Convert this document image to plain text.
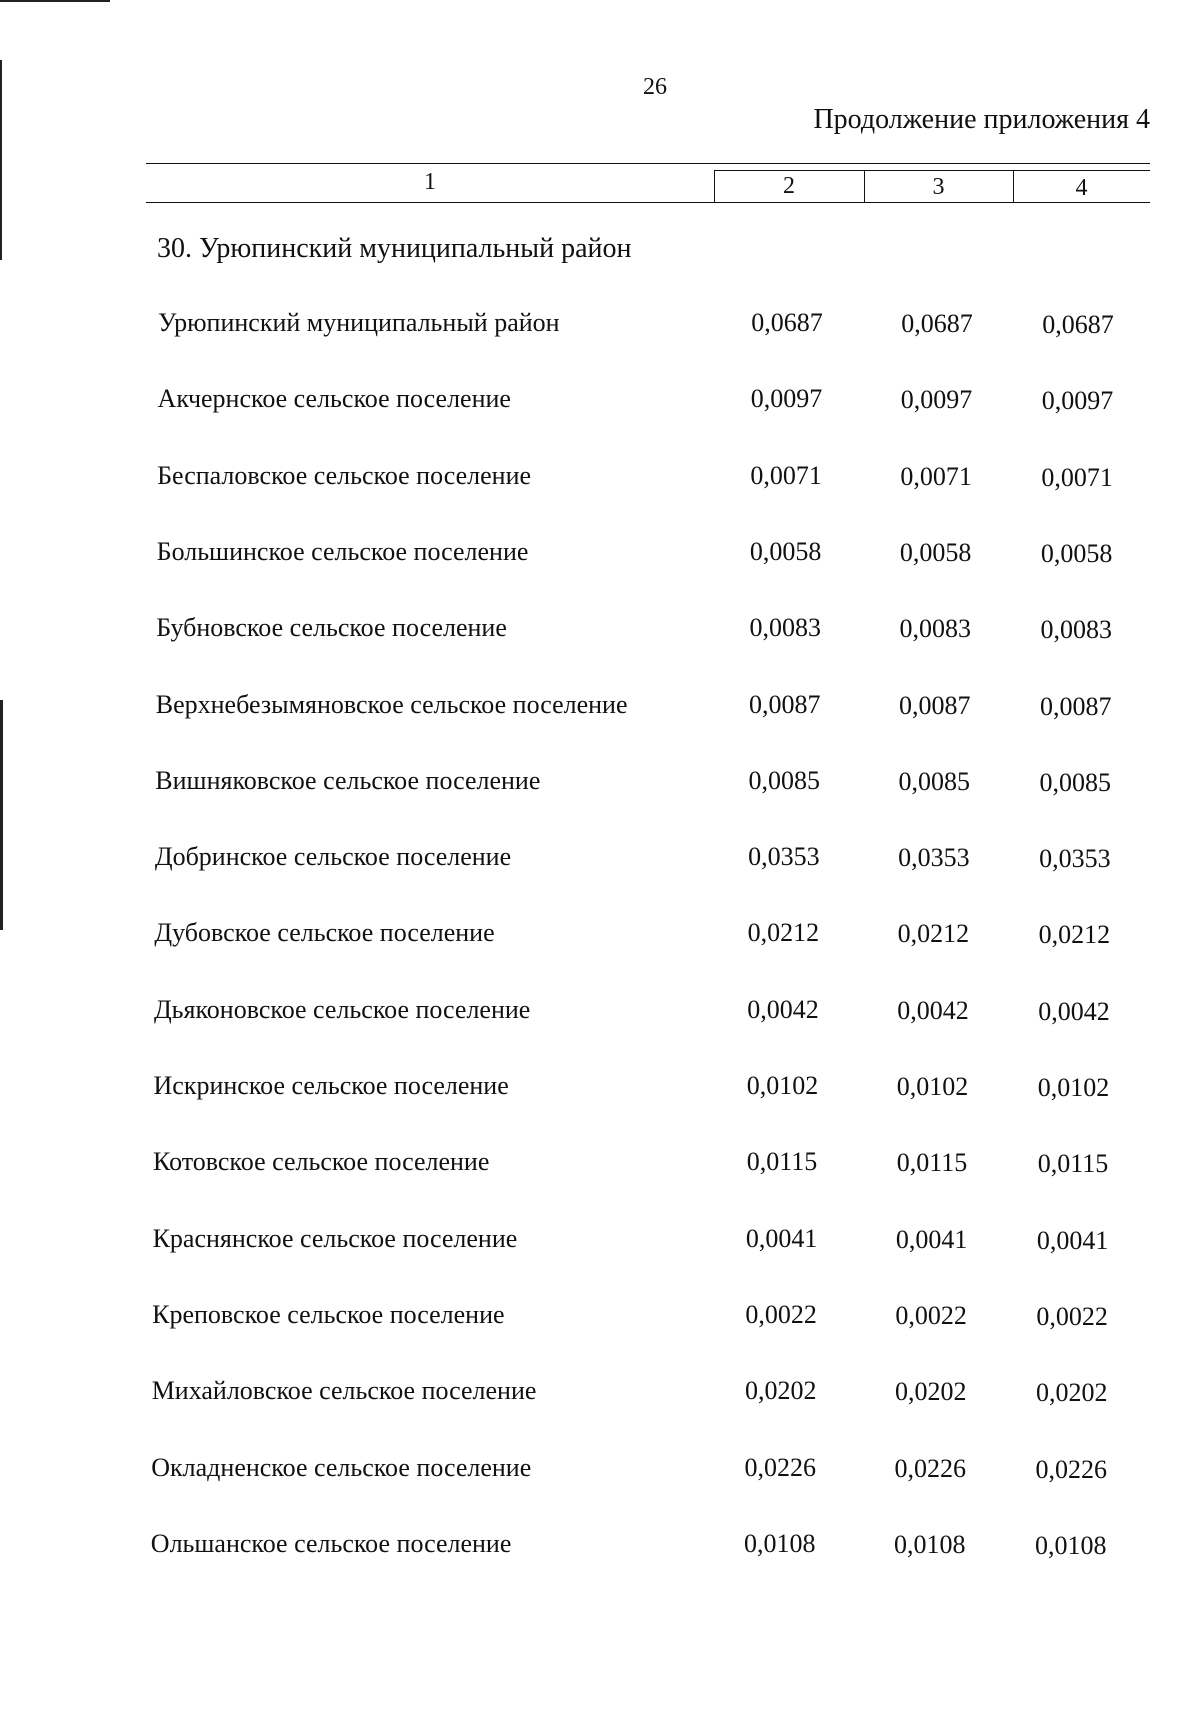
26
Продолжение приложения 4
1	2	3	4
30. Урюпинский муниципальный район
Урюпинский муниципальный район	0,0687	0,0687	0,0687
Акчернское сельское поселение	0,0097	0,0097	0,0097
Беспаловское сельское поселение	0,0071	0,0071	0,0071
Большинское сельское поселение	0,0058	0,0058	0,0058
Бубновское сельское поселение	0,0083	0,0083	0,0083
Верхнебезымяновское сельское поселение	0,0087	0,0087	0,0087
Вишняковское сельское поселение	0,0085	0,0085	0,0085
Добринское сельское поселение	0,0353	0,0353	0,0353
Дубовское сельское поселение	0,0212	0,0212	0,0212
Дьяконовское сельское поселение	0,0042	0,0042	0,0042
Искринское сельское поселение	0,0102	0,0102	0,0102
Котовское сельское поселение	0,0115	0,0115	0,0115
Краснянское сельское поселение	0,0041	0,0041	0,0041
Креповское сельское поселение	0,0022	0,0022	0,0022
Михайловское сельское поселение	0,0202	0,0202	0,0202
Окладненское сельское поселение	0,0226	0,0226	0,0226
Ольшанское сельское поселение	0,0108	0,0108	0,0108
